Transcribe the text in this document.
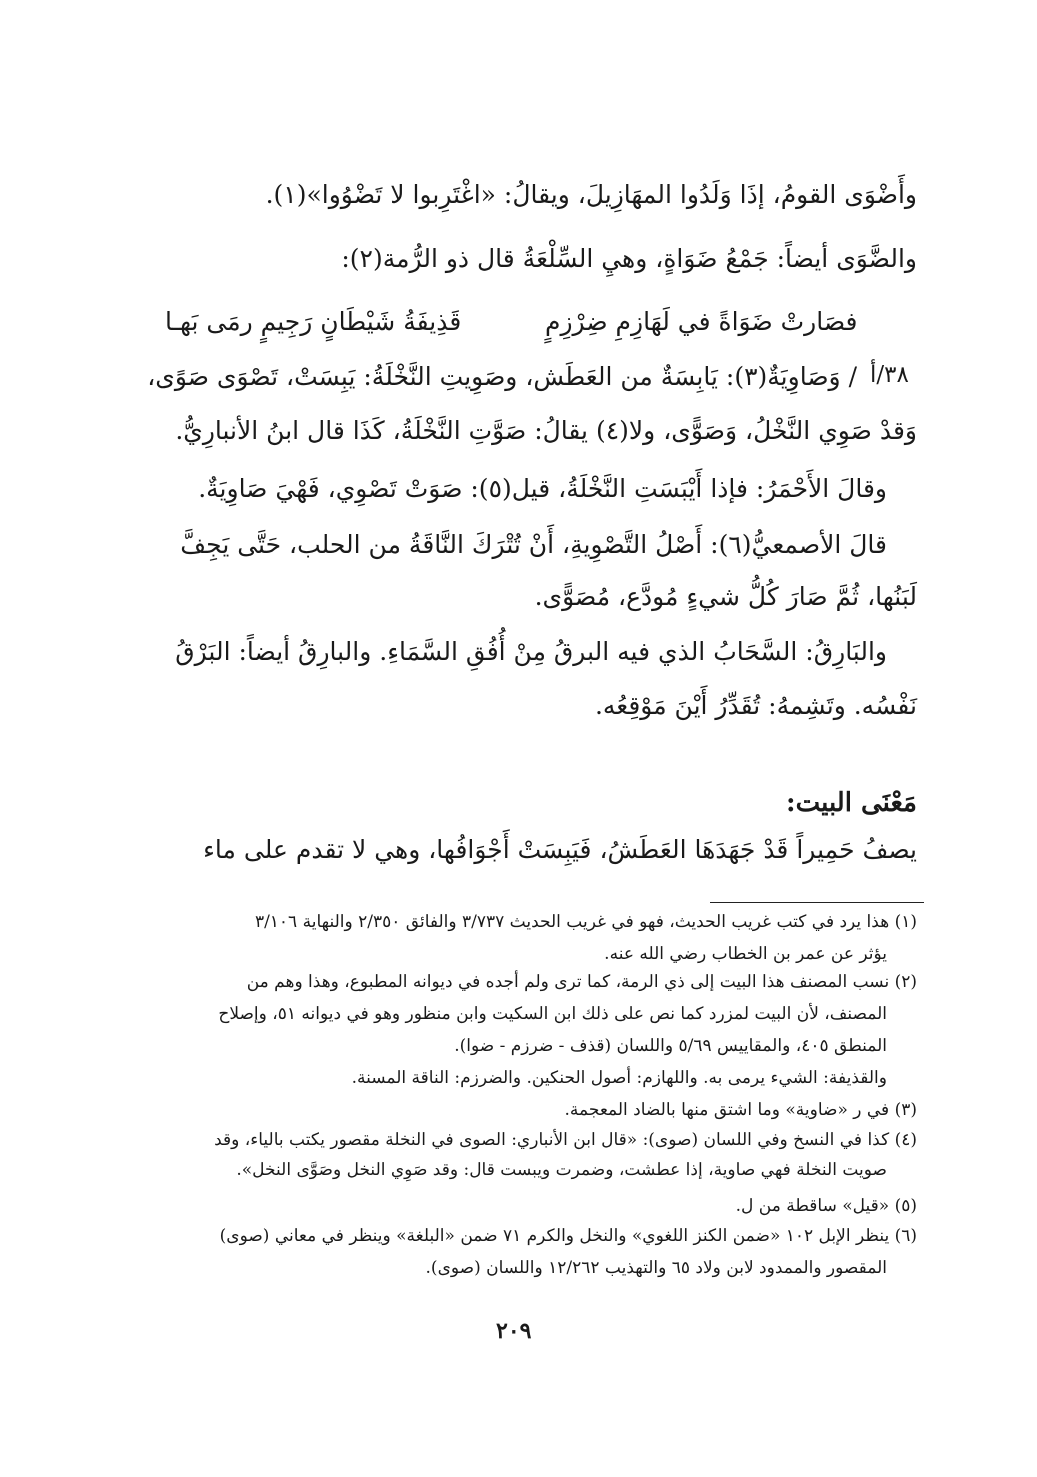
وأَضْوَى القومُ، إذَا وَلَدُوا المهَازِيلَ، ويقالُ: «اغْتَرِبوا لا تَضْوُوا»(١).
والضَّوَى أيضاً: جَمْعُ ضَوَاةٍ، وهيِ السِّلْعَةُ قال ذو الرُّمة(٢):
فصَارتْ ضَوَاةً في لَهَازِمِ ضِرْزِمٍ
قَذِيفَةُ شَيْطَانٍ رَجِيمٍ رمَى بَهـا
/ وَصَاوِيَةٌ(٣): يَابِسَةٌ من العَطَش، وصَوِيتِ النَّخْلَةُ: يَبِسَتْ، تَصْوَى صَوًى، ٣٨/أ
وَقدْ صَوِي النَّخْلُ، وَصَوًّى، ولا(٤) يقالُ: صَوَّتِ النَّخْلَةُ، كَذَا قال ابنُ الأنبارِيُّ.
وقالَ الأَحْمَرُ: فإذا أَيْبَسَتِ النَّخْلَةُ، قيل(٥): صَوَتْ تَصْوِي، فَهْيَ صَاوِيَةٌ.
قالَ الأصمعيُّ(٦): أَصْلُ التَّصْوِيةِ، أَنْ تُتْرَكَ النَّاقَةُ من الحلب، حَتَّى يَجِفَّ
لَبَنُها، ثُمَّ صَارَ كُلُّ شيءٍ مُودَّع، مُصَوًّى.
والبَارِقُ: السَّحَابُ الذي فيه البرقُ مِنْ أُفُقِ السَّمَاءِ. والبارِقُ أيضاً: البَرْقُ
نَفْسُه. وتَشِمهُ: تُقَدِّرُ أَيْنَ مَوْقِعُه.
مَعْنَى البيت:
يصفُ حَمِيراً قَدْ جَهَدَهَا العَطَشُ، فَيَبِسَتْ أَجْوَافُها، وهي لا تقدم على ماء
(١) هذا يرد في كتب غريب الحديث، فهو في غريب الحديث ٣/٧٣٧ والفائق ٢/٣٥٠ والنهاية ٣/١٠٦
يؤثر عن عمر بن الخطاب رضي الله عنه.
(٢) نسب المصنف هذا البيت إلى ذي الرمة، كما ترى ولم أجده في ديوانه المطبوع، وهذا وهم من
المصنف، لأن البيت لمزرد كما نص على ذلك ابن السكيت وابن منظور وهو في ديوانه ٥١، وإصلاح
المنطق ٤٠٥، والمقاييس ٥/٦٩ واللسان (قذف - ضرزم - ضوا).
والقذيفة: الشيء يرمى به. واللهازم: أصول الحنكين. والضرزم: الناقة المسنة.
(٣) في ر «ضاوية» وما اشتق منها بالضاد المعجمة.
(٤) كذا في النسخ وفي اللسان (صوى): «قال ابن الأنباري: الصوى في النخلة مقصور يكتب بالياء، وقد
صويت النخلة فهي صاوية، إذا عطشت، وضمرت ويبست قال: وقد صَوِي النخل وصَوَّى النخل».
(٥) «قيل» ساقطة من ل.
(٦) ينظر الإبل ١٠٢ «ضمن الكنز اللغوي» والنخل والكرم ٧١ ضمن «البلغة» وينظر في معاني (صوى)
المقصور والممدود لابن ولاد ٦٥ والتهذيب ١٢/٢٦٢ واللسان (صوى).
٢٠٩
